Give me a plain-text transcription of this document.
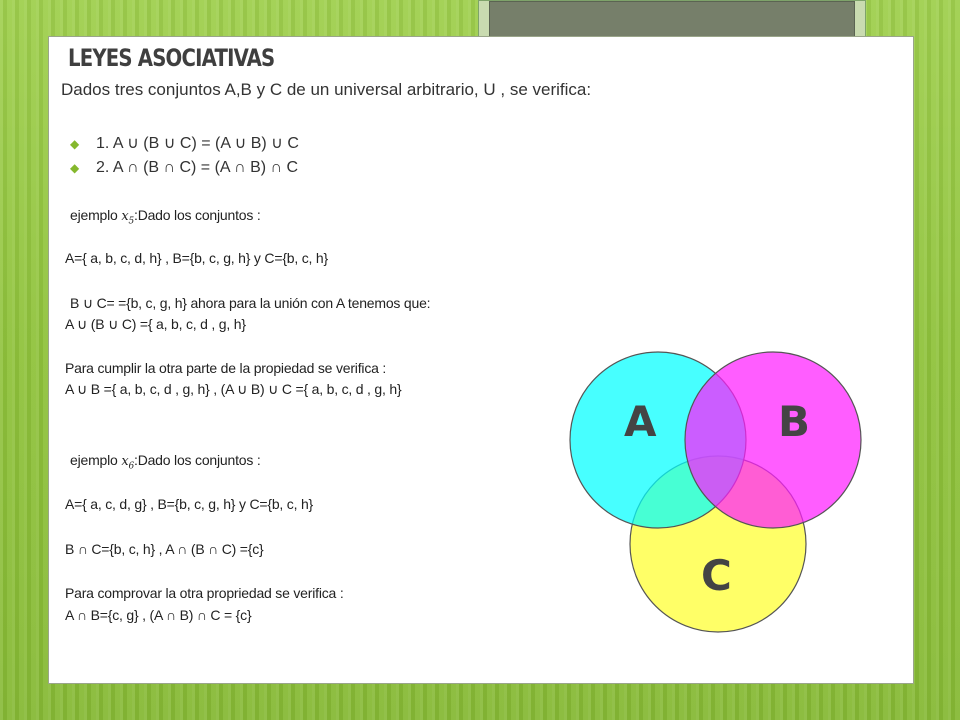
LEYES ASOCIATIVAS

Dados tres conjuntos A,B y C de un universal arbitrario, U , se verifica:

◆ 1. A ∪ (B ∪ C) = (A ∪ B) ∪ C
◆ 2. A ∩ (B ∩ C) = (A ∩ B) ∩ C

ejemplo $x_5:Dado$ los conjuntos :

A={ a, b, c, d, h} , B={b, c, g, h} y C={b, c, h}

B ∪ C= ={b, c, g, h} ahora para la unión con A tenemos que:

A ∪ (B ∪ C) ={ a, b, c, d , g, h}

Para cumplir la otra parte de la propiedad se verifica :

A ∪ B ={ a, b, c, d , g, h} , (A ∪ B) ∪ C ={ a, b, c, d , g, h}

ejemplo $x_6:Dado$ los conjuntos :

A={ a, c, d, g} , B={b, c, g, h} y C={b, c, h}

B ∩ C={b, c, h} , A ∩ (B ∩ C) ={c}

Para comprovar la otra propriedad se verifica :

A ∩ B={c, g} , (A ∩ B) ∩ C = {c}

A	B
C
